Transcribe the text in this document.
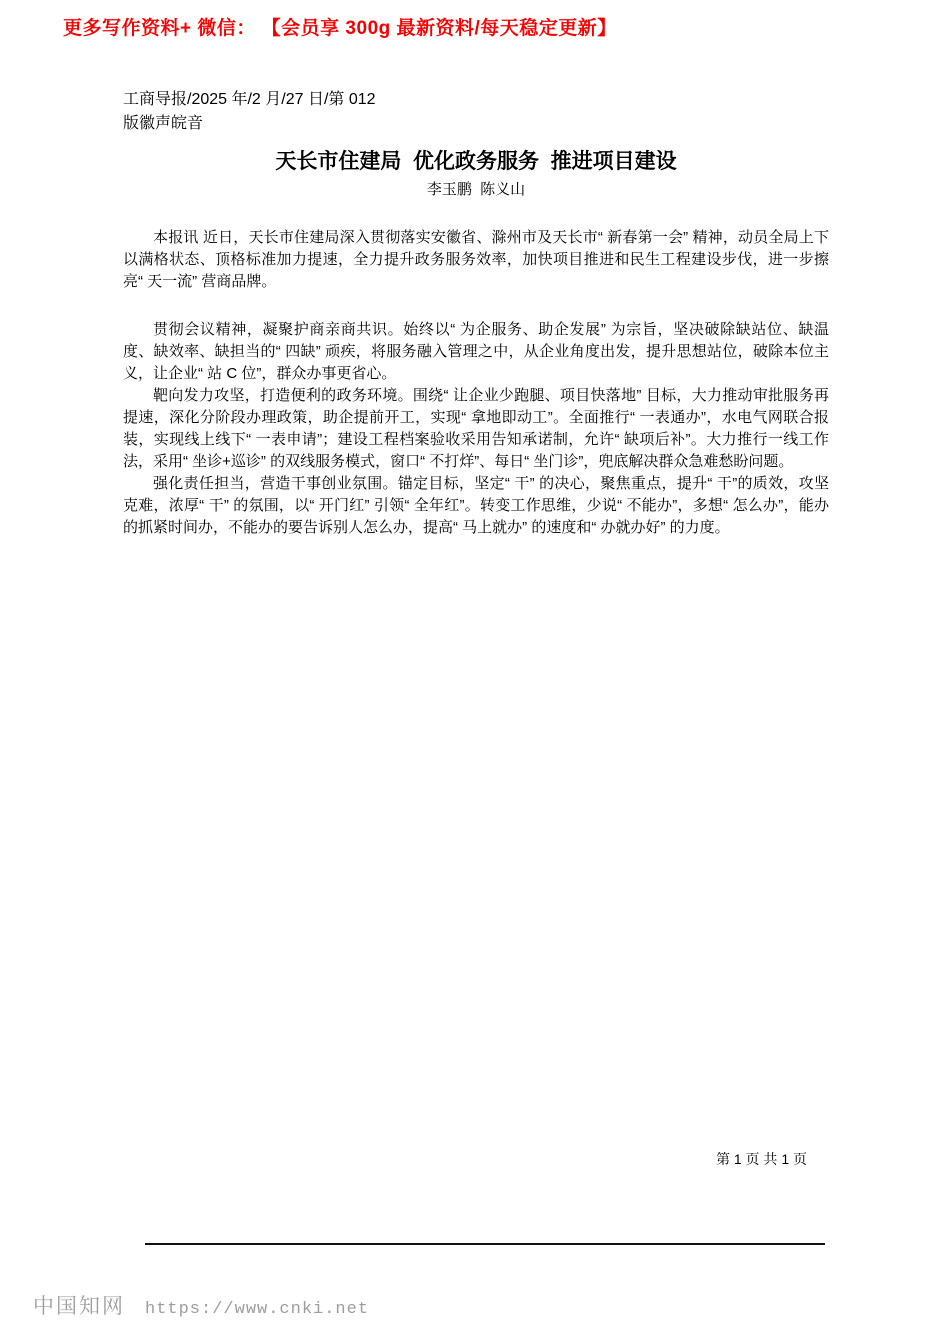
更多写作资料+ 微信： 【会员享 300g 最新资料/每天稳定更新】
工商导报/2025 年/2 月/27 日/第 012
版徽声皖音
天长市住建局  优化政务服务  推进项目建设
李玉鹏  陈义山

本报讯 近日，天长市住建局深入贯彻落实安徽省、滁州市及天长市“ 新春第一会” 精神，动员全局上下以满格状态、顶格标准加力提速，全力提升政务服务效率，加快项目推进和民生工程建设步伐，进一步擦亮“ 天一流” 营商品牌。

贯彻会议精神，凝聚护商亲商共识。始终以“ 为企服务、助企发展” 为宗旨，坚决破除缺站位、缺温度、缺效率、缺担当的“ 四缺” 顽疾，将服务融入管理之中，从企业角度出发，提升思想站位，破除本位主义，让企业“ 站 C 位”，群众办事更省心。

靶向发力攻坚，打造便利的政务环境。围绕“ 让企业少跑腿、项目快落地” 目标，大力推动审批服务再提速，深化分阶段办理政策，助企提前开工，实现“ 拿地即动工”。全面推行“ 一表通办”，水电气网联合报装，实现线上线下“ 一表申请”；建设工程档案验收采用告知承诺制，允许“ 缺项后补”。大力推行一线工作法，采用“ 坐诊+巡诊” 的双线服务模式，窗口“ 不打烊”、每日“ 坐门诊”，兜底解决群众急难愁盼问题。

强化责任担当，营造干事创业氛围。锚定目标，坚定“ 干” 的决心，聚焦重点，提升“ 干”的质效，攻坚克难，浓厚“ 干” 的氛围，以“ 开门红” 引领“ 全年红”。转变工作思维，少说“ 不能办”，多想“ 怎么办”，能办的抓紧时间办，不能办的要告诉别人怎么办，提高“ 马上就办” 的速度和“ 办就办好” 的力度。

第 1 页 共 1 页
中国知网 https://www.cnki.net
